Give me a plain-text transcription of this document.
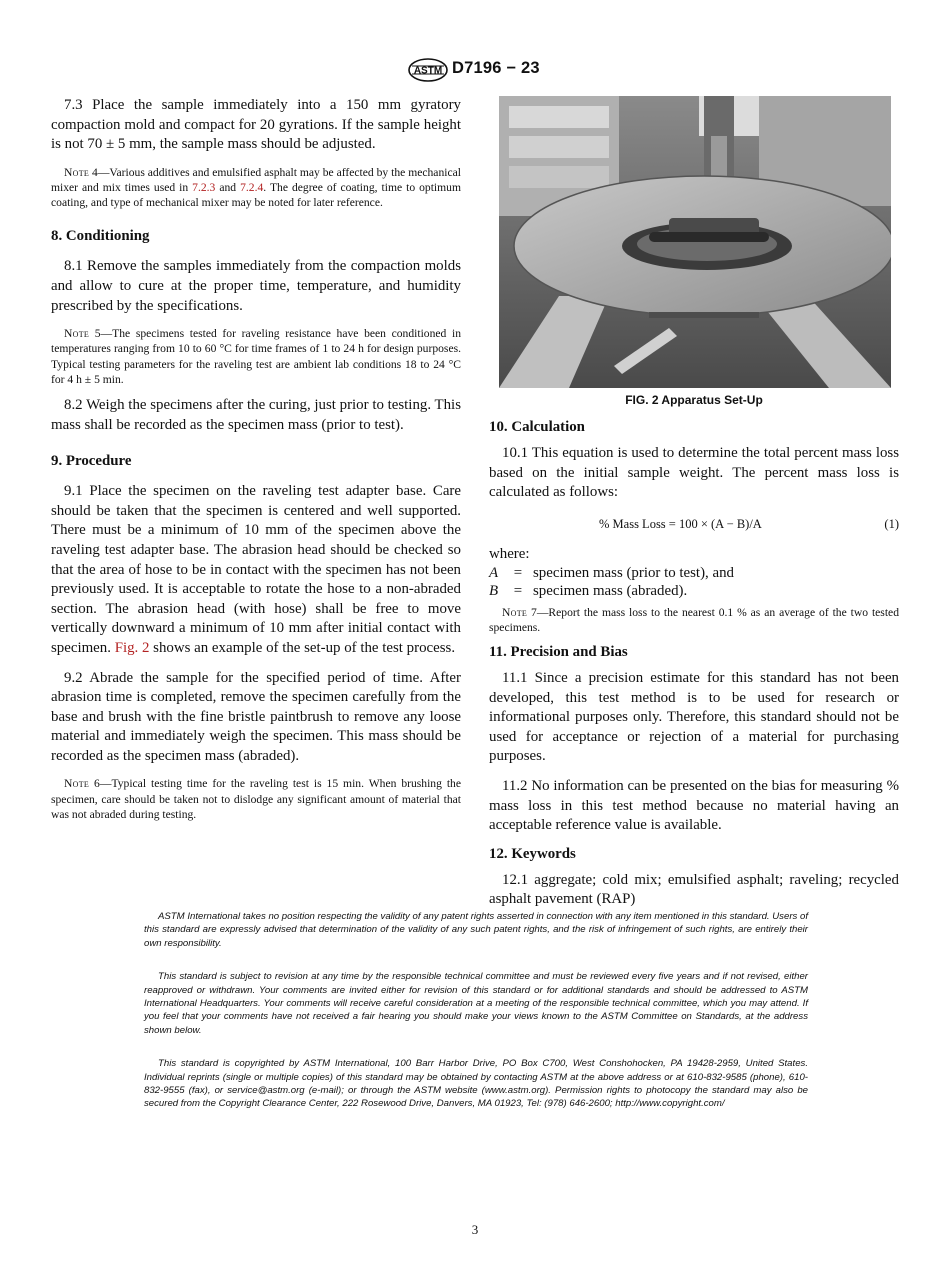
ASTM D7196 − 23

7.3 Place the sample immediately into a 150 mm gyratory compaction mold and compact for 20 gyrations. If the sample height is not 70 ± 5 mm, the sample mass should be adjusted.

Note 4—Various additives and emulsified asphalt may be affected by the mechanical mixer and mix times used in 7.2.3 and 7.2.4. The degree of coating, time to optimum coating, and type of mechanical mixer may be noted for later reference.

8. Conditioning

8.1 Remove the samples immediately from the compaction molds and allow to cure at the proper time, temperature, and humidity prescribed by the specifications.

Note 5—The specimens tested for raveling resistance have been conditioned in temperatures ranging from 10 to 60 °C for time frames of 1 to 24 h for design purposes. Typical testing parameters for the raveling test are ambient lab conditions 18 to 24 °C for 4 h ± 5 min.

8.2 Weigh the specimens after the curing, just prior to testing. This mass shall be recorded as the specimen mass (prior to test).

9. Procedure

9.1 Place the specimen on the raveling test adapter base. Care should be taken that the specimen is centered and well supported. There must be a minimum of 10 mm of the specimen above the raveling test adapter base. The abrasion head should be checked so that the area of hose to be in contact with the specimen has not been previously used. It is acceptable to rotate the hose to a non-abraded section. The abrasion head (with hose) shall be free to move vertically downward a minimum of 10 mm after initial contact with specimen. Fig. 2 shows an example of the set-up of the test process.

9.2 Abrade the sample for the specified period of time. After abrasion time is completed, remove the specimen carefully from the base and brush with the fine bristle paintbrush to remove any loose material and immediately weigh the specimen. This mass should be recorded as the specimen mass (abraded).

Note 6—Typical testing time for the raveling test is 15 min. When brushing the specimen, care should be taken not to dislodge any significant amount of material that was not abraded during testing.

FIG. 2 Apparatus Set-Up
10. Calculation

10.1 This equation is used to determine the total percent mass loss based on the initial sample weight. The percent mass loss is calculated as follows:

% Mass Loss = 100 × (A − B)/A	(1)
where:
A = specimen mass (prior to test), and
B = specimen mass (abraded).

Note 7—Report the mass loss to the nearest 0.1 % as an average of the two tested specimens.

11. Precision and Bias

11.1 Since a precision estimate for this standard has not been developed, this test method is to be used for research or informational purposes only. Therefore, this standard should not be used for acceptance or rejection of a material for purchasing purposes.

11.2 No information can be presented on the bias for measuring % mass loss in this test method because no material having an acceptable reference value is available.

12. Keywords

12.1 aggregate; cold mix; emulsified asphalt; raveling; recycled asphalt pavement (RAP)

ASTM International takes no position respecting the validity of any patent rights asserted in connection with any item mentioned in this standard. Users of this standard are expressly advised that determination of the validity of any such patent rights, and the risk of infringement of such rights, are entirely their own responsibility.

This standard is subject to revision at any time by the responsible technical committee and must be reviewed every five years and if not revised, either reapproved or withdrawn. Your comments are invited either for revision of this standard or for additional standards and should be addressed to ASTM International Headquarters. Your comments will receive careful consideration at a meeting of the responsible technical committee, which you may attend. If you feel that your comments have not received a fair hearing you should make your views known to the ASTM Committee on Standards, at the address shown below.

This standard is copyrighted by ASTM International, 100 Barr Harbor Drive, PO Box C700, West Conshohocken, PA 19428-2959, United States. Individual reprints (single or multiple copies) of this standard may be obtained by contacting ASTM at the above address or at 610-832-9585 (phone), 610-832-9555 (fax), or service@astm.org (e-mail); or through the ASTM website (www.astm.org). Permission rights to photocopy the standard may also be secured from the Copyright Clearance Center, 222 Rosewood Drive, Danvers, MA 01923, Tel: (978) 646-2600; http://www.copyright.com/

3
